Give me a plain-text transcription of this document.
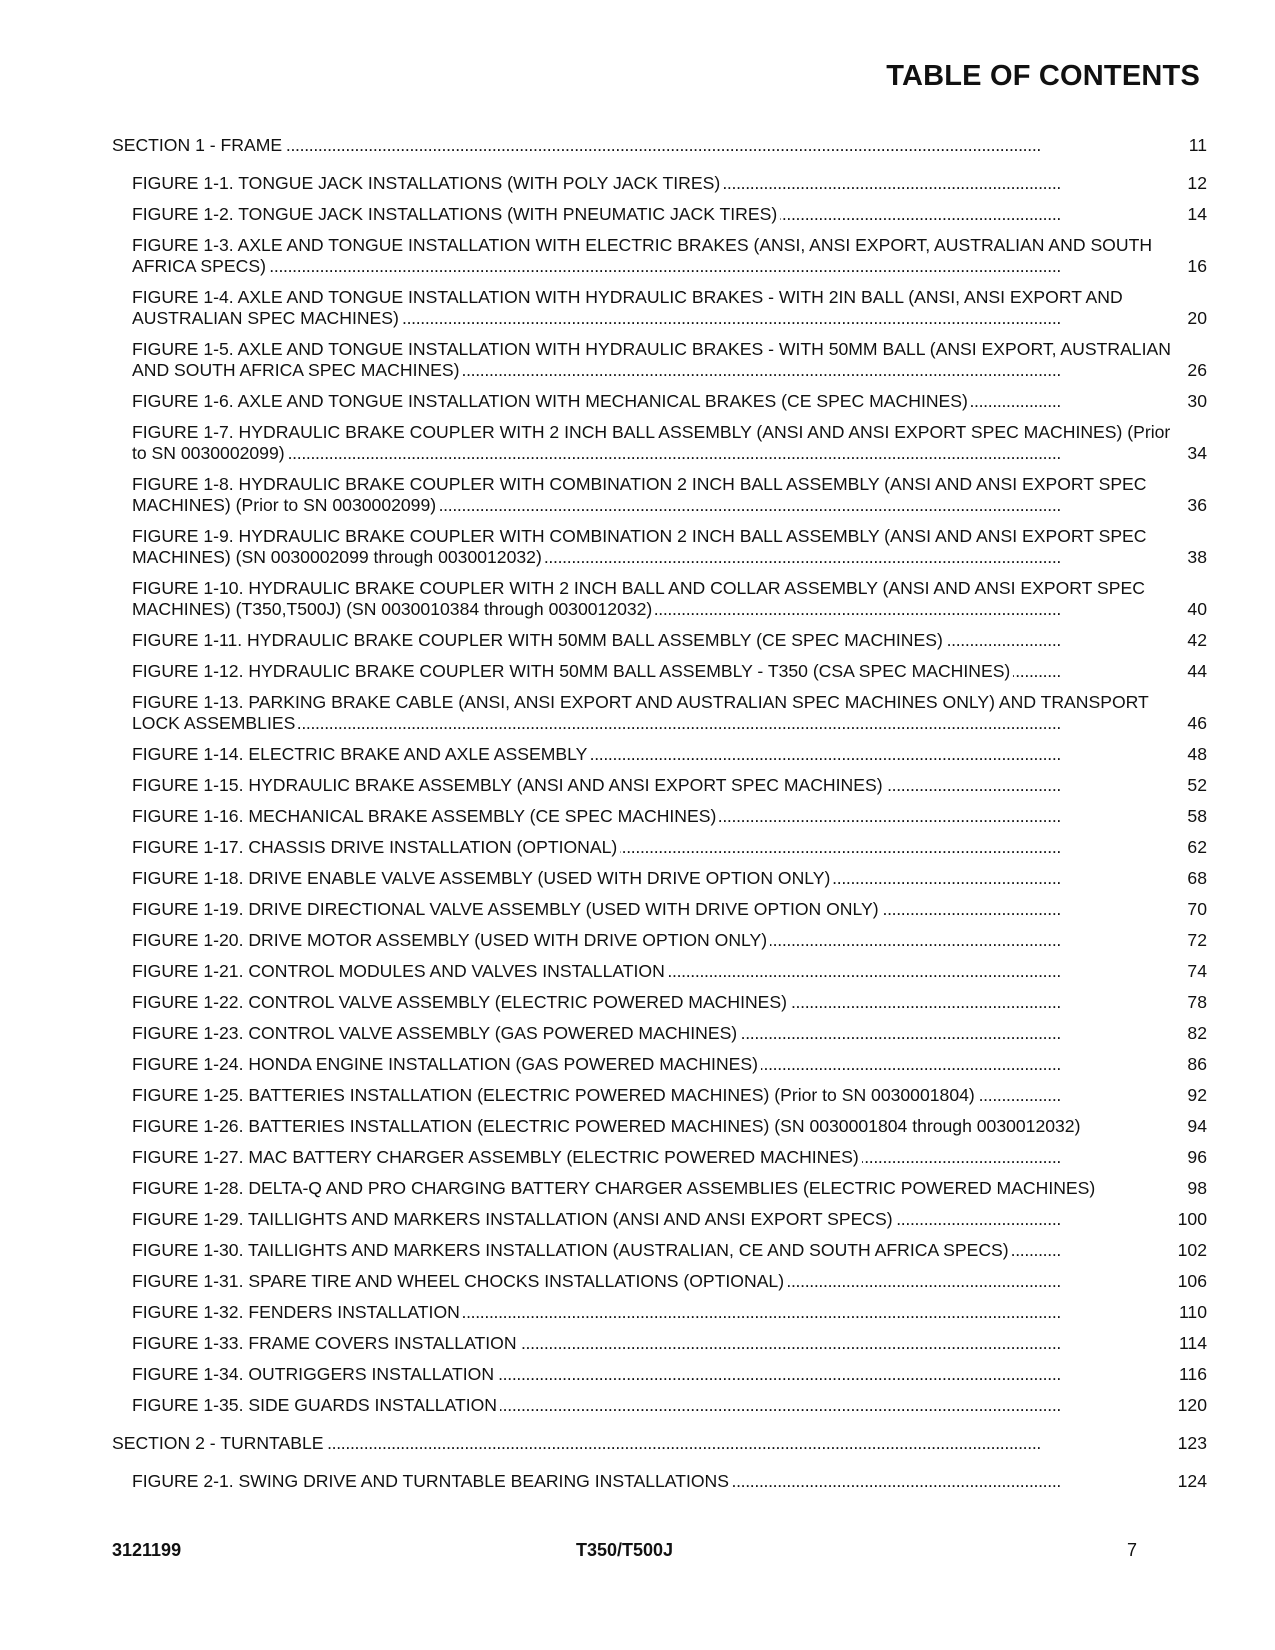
TABLE OF CONTENTS
. . .
SECTION 1 - FRAME	11
. . .
FIGURE 1-1. TONGUE JACK INSTALLATIONS (WITH POLY JACK TIRES)	12
. . .
FIGURE 1-2. TONGUE JACK INSTALLATIONS (WITH PNEUMATIC JACK TIRES)	14
. . .
FIGURE 1-3. AXLE AND TONGUE INSTALLATION WITH ELECTRIC BRAKES (ANSI, ANSI EXPORT, AUSTRALIAN AND SOUTH AFRICA SPECS)	16
. . .
FIGURE 1-4. AXLE AND TONGUE INSTALLATION WITH HYDRAULIC BRAKES - WITH 2IN BALL (ANSI, ANSI EXPORT AND AUSTRALIAN SPEC MACHINES)	20
. . .
FIGURE 1-5. AXLE AND TONGUE INSTALLATION WITH HYDRAULIC BRAKES - WITH 50MM BALL (ANSI EXPORT, AUSTRALIAN AND SOUTH AFRICA SPEC MACHINES)	26
. . .
FIGURE 1-6. AXLE AND TONGUE INSTALLATION WITH MECHANICAL BRAKES (CE SPEC MACHINES)	30
. . .
FIGURE 1-7. HYDRAULIC BRAKE COUPLER WITH 2 INCH BALL ASSEMBLY (ANSI AND ANSI EXPORT SPEC MACHINES) (Prior to SN 0030002099)	34
. . .
FIGURE 1-8. HYDRAULIC BRAKE COUPLER WITH COMBINATION 2 INCH BALL ASSEMBLY (ANSI AND ANSI EXPORT SPEC MACHINES) (Prior to SN 0030002099)	36
. . .
FIGURE 1-9. HYDRAULIC BRAKE COUPLER WITH COMBINATION 2 INCH BALL ASSEMBLY (ANSI AND ANSI EXPORT SPEC MACHINES) (SN 0030002099 through 0030012032)	38
. . .
FIGURE 1-10. HYDRAULIC BRAKE COUPLER WITH 2 INCH BALL AND COLLAR ASSEMBLY (ANSI AND ANSI EXPORT SPEC MACHINES) (T350,T500J) (SN 0030010384 through 0030012032)	40
. . .
FIGURE 1-11. HYDRAULIC BRAKE COUPLER WITH 50MM BALL ASSEMBLY (CE SPEC MACHINES)	42
. . .
FIGURE 1-12. HYDRAULIC BRAKE COUPLER WITH 50MM BALL ASSEMBLY - T350 (CSA SPEC MACHINES)	44
. . .
FIGURE 1-13. PARKING BRAKE CABLE (ANSI, ANSI EXPORT AND AUSTRALIAN SPEC MACHINES ONLY) AND TRANSPORT LOCK ASSEMBLIES	46
. . .
FIGURE 1-14. ELECTRIC BRAKE AND AXLE ASSEMBLY	48
. . .
FIGURE 1-15. HYDRAULIC BRAKE ASSEMBLY (ANSI AND ANSI EXPORT SPEC MACHINES)	52
. . .
FIGURE 1-16. MECHANICAL BRAKE ASSEMBLY (CE SPEC MACHINES)	58
. . .
FIGURE 1-17. CHASSIS DRIVE INSTALLATION (OPTIONAL)	62
. . .
FIGURE 1-18. DRIVE ENABLE VALVE ASSEMBLY (USED WITH DRIVE OPTION ONLY)	68
. . .
FIGURE 1-19. DRIVE DIRECTIONAL VALVE ASSEMBLY (USED WITH DRIVE OPTION ONLY)	70
. . .
FIGURE 1-20. DRIVE MOTOR ASSEMBLY (USED WITH DRIVE OPTION ONLY)	72
. . .
FIGURE 1-21. CONTROL MODULES AND VALVES INSTALLATION	74
. . .
FIGURE 1-22. CONTROL VALVE ASSEMBLY (ELECTRIC POWERED MACHINES)	78
. . .
FIGURE 1-23. CONTROL VALVE ASSEMBLY (GAS POWERED MACHINES)	82
. . .
FIGURE 1-24. HONDA ENGINE INSTALLATION (GAS POWERED MACHINES)	86
. . .
FIGURE 1-25. BATTERIES INSTALLATION (ELECTRIC POWERED MACHINES) (Prior to SN 0030001804)	92
. . .
FIGURE 1-26. BATTERIES INSTALLATION (ELECTRIC POWERED MACHINES) (SN 0030001804 through 0030012032)	94
. . .
FIGURE 1-27. MAC BATTERY CHARGER ASSEMBLY (ELECTRIC POWERED MACHINES)	96
. . .
FIGURE 1-28. DELTA-Q AND PRO CHARGING BATTERY CHARGER ASSEMBLIES (ELECTRIC POWERED MACHINES)	98
. . .
FIGURE 1-29. TAILLIGHTS AND MARKERS INSTALLATION (ANSI AND ANSI EXPORT SPECS)	100
. . .
FIGURE 1-30. TAILLIGHTS AND MARKERS INSTALLATION (AUSTRALIAN, CE AND SOUTH AFRICA SPECS)	102
. . .
FIGURE 1-31. SPARE TIRE AND WHEEL CHOCKS INSTALLATIONS (OPTIONAL)	106
. . .
FIGURE 1-32. FENDERS INSTALLATION	110
. . .
FIGURE 1-33. FRAME COVERS INSTALLATION	114
. . .
FIGURE 1-34. OUTRIGGERS INSTALLATION	116
. . .
FIGURE 1-35. SIDE GUARDS INSTALLATION	120
. . .
SECTION 2 - TURNTABLE	123
. . .
FIGURE 2-1. SWING DRIVE AND TURNTABLE BEARING INSTALLATIONS	124
3121199	T350/T500J	7
